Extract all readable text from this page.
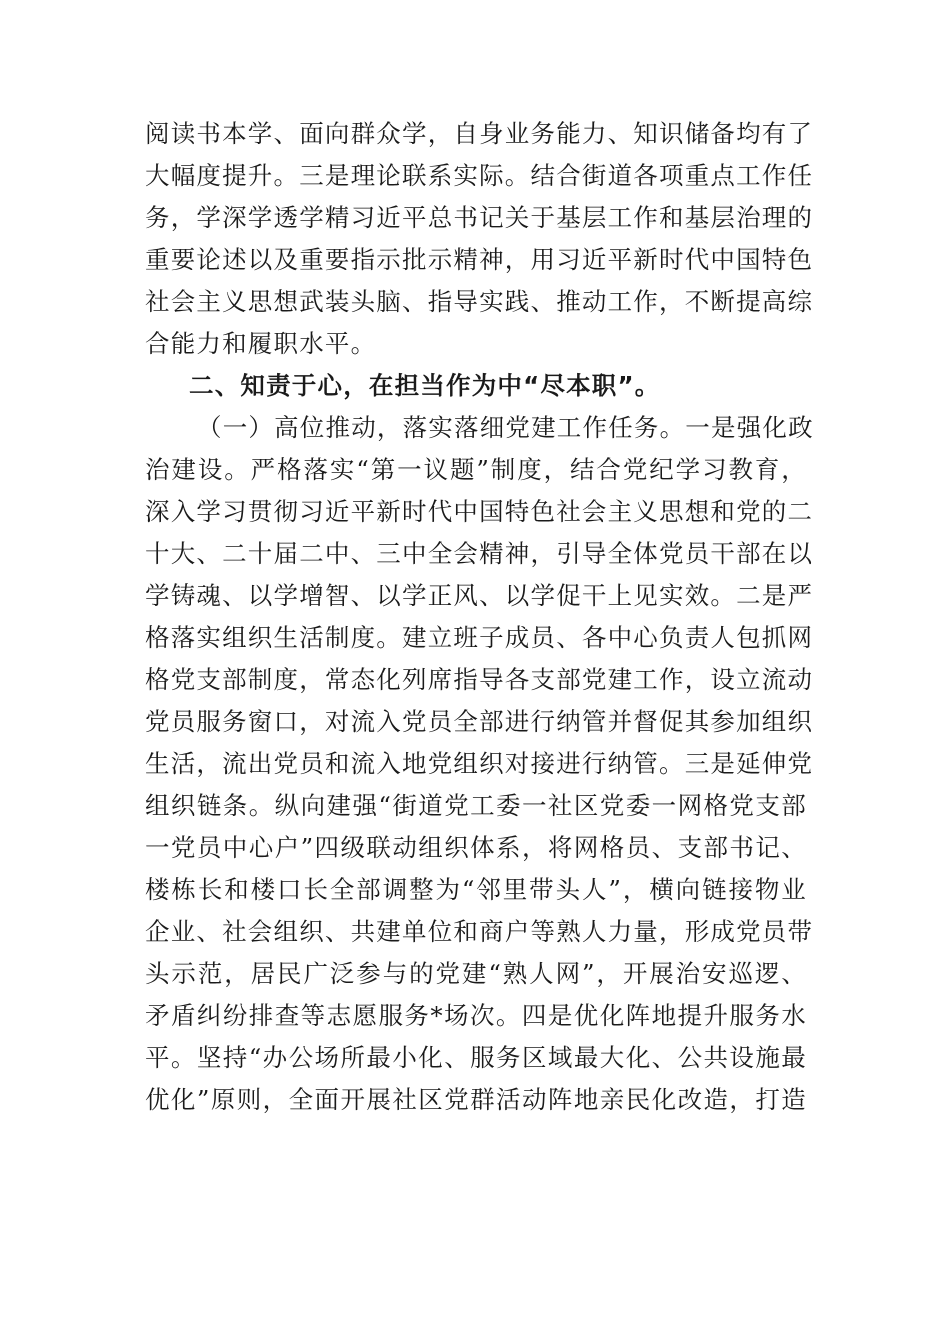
阅读书本学、面向群众学，自身业务能力、知识储备均有了
大幅度提升。三是理论联系实际。结合街道各项重点工作任
务，学深学透学精习近平总书记关于基层工作和基层治理的
重要论述以及重要指示批示精神，用习近平新时代中国特色
社会主义思想武装头脑、指导实践、推动工作，不断提高综
合能力和履职水平。
二、知责于心，在担当作为中“尽本职”。
（一）高位推动，落实落细党建工作任务。一是强化政
治建设。严格落实“第一议题”制度，结合党纪学习教育，
深入学习贯彻习近平新时代中国特色社会主义思想和党的二
十大、二十届二中、三中全会精神，引导全体党员干部在以
学铸魂、以学增智、以学正风、以学促干上见实效。二是严
格落实组织生活制度。建立班子成员、各中心负责人包抓网
格党支部制度，常态化列席指导各支部党建工作，设立流动
党员服务窗口，对流入党员全部进行纳管并督促其参加组织
生活，流出党员和流入地党组织对接进行纳管。三是延伸党
组织链条。纵向建强“街道党工委一社区党委一网格党支部
一党员中心户”四级联动组织体系，将网格员、支部书记、
楼栋长和楼口长全部调整为“邻里带头人”，横向链接物业
企业、社会组织、共建单位和商户等熟人力量，形成党员带
头示范，居民广泛参与的党建“熟人网”，开展治安巡逻、
矛盾纠纷排查等志愿服务*场次。四是优化阵地提升服务水
平。坚持“办公场所最小化、服务区域最大化、公共设施最
优化”原则，全面开展社区党群活动阵地亲民化改造，打造
